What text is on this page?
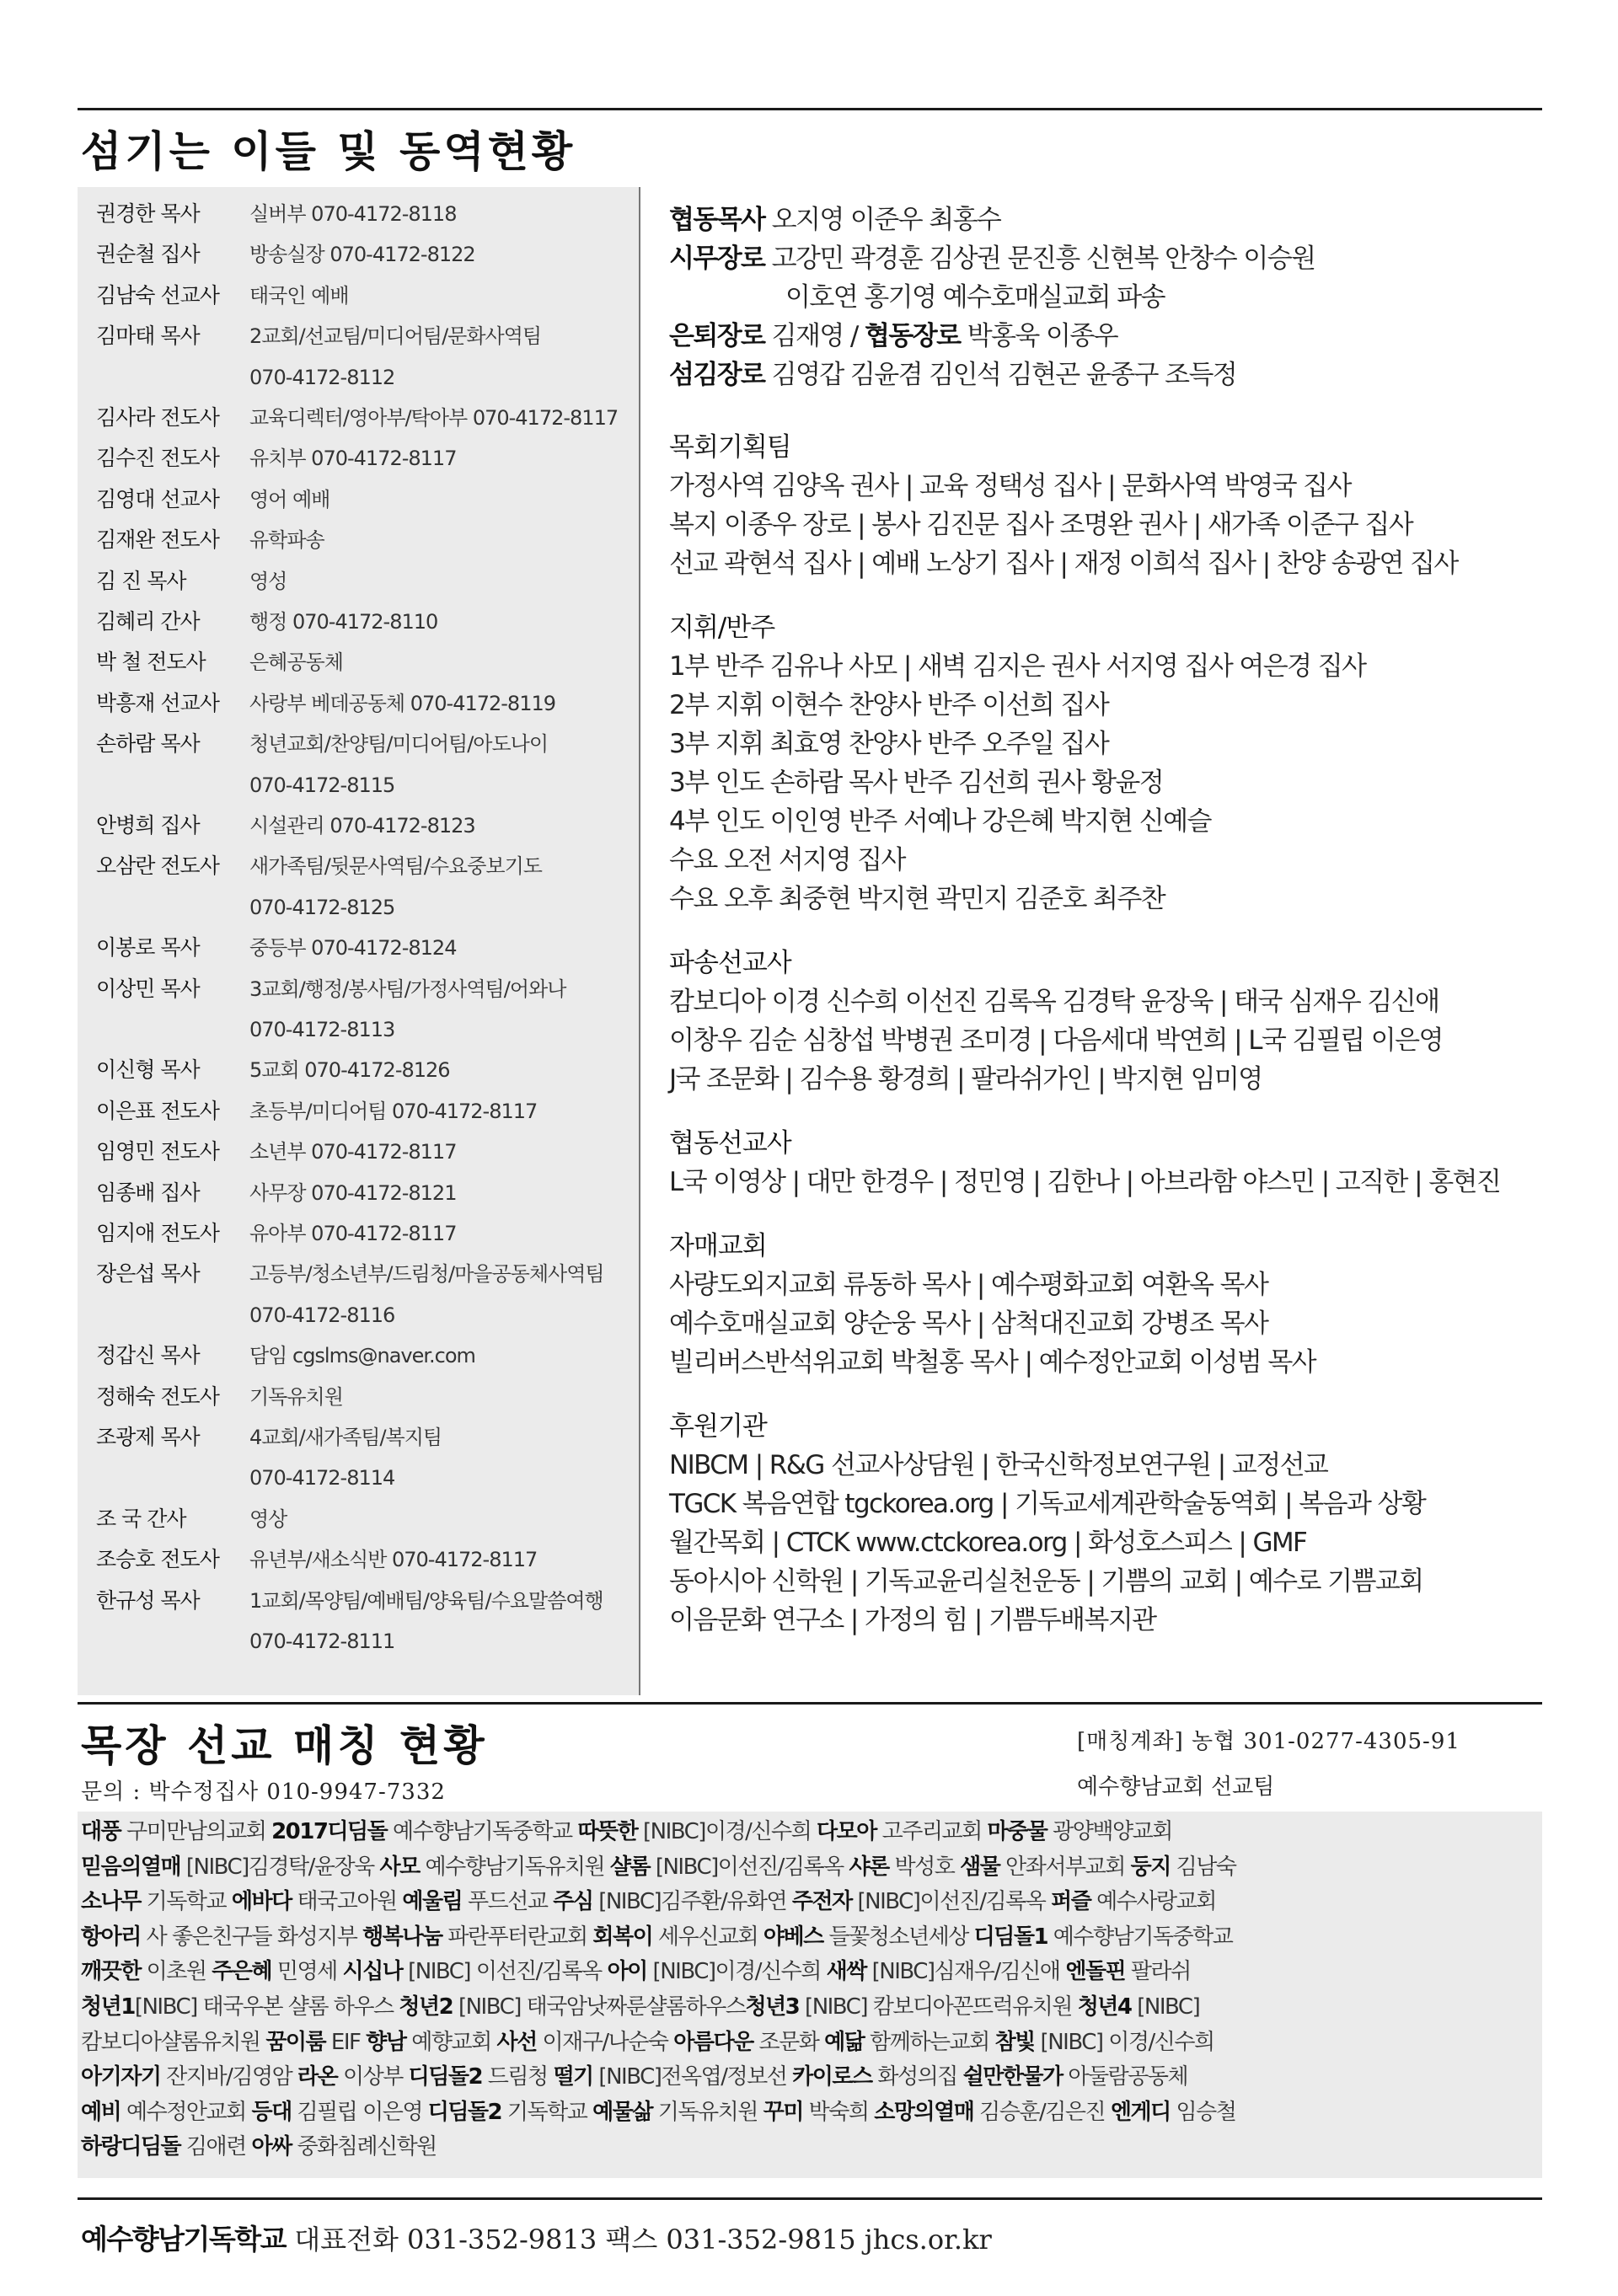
섬기는 이들 및 동역현황
권경한 목사	실버부 070-4172-8118
권순철 집사	방송실장 070-4172-8122
김남숙 선교사	태국인 예배
김마태 목사	2교회/선교팀/미디어팀/문화사역팀
070-4172-8112
김사라 전도사	교육디렉터/영아부/탁아부 070-4172-8117
김수진 전도사	유치부 070-4172-8117
김영대 선교사	영어 예배
김재완 전도사	유학파송
김 진 목사	영성
김혜리 간사	행정 070-4172-8110
박 철 전도사	은혜공동체
박흥재 선교사	사랑부 베데공동체 070-4172-8119
손하람 목사	청년교회/찬양팀/미디어팀/아도나이
070-4172-8115
안병희 집사	시설관리 070-4172-8123
오삼란 전도사	새가족팀/뒷문사역팀/수요중보기도
070-4172-8125
이봉로 목사	중등부 070-4172-8124
이상민 목사	3교회/행정/봉사팀/가정사역팀/어와나
070-4172-8113
이신형 목사	5교회 070-4172-8126
이은표 전도사	초등부/미디어팀 070-4172-8117
임영민 전도사	소년부 070-4172-8117
임종배 집사	사무장 070-4172-8121
임지애 전도사	유아부 070-4172-8117
장은섭 목사	고등부/청소년부/드림청/마을공동체사역팀
070-4172-8116
정갑신 목사	담임 cgslms@naver.com
정해숙 전도사	기독유치원
조광제 목사	4교회/새가족팀/복지팀
070-4172-8114
조 국 간사	영상
조승호 전도사	유년부/새소식반 070-4172-8117
한규성 목사	1교회/목양팀/예배팀/양육팀/수요말씀여행
070-4172-8111
협동목사 오지영 이준우 최홍수
시무장로 고강민 곽경훈 김상권 문진흥 신현복 안창수 이승원
이호연 홍기영 예수호매실교회 파송
은퇴장로 김재영 / 협동장로 박홍욱 이종우
섬김장로 김영갑 김윤겸 김인석 김현곤 윤종구 조득정
목회기획팀
가정사역 김양옥 권사 | 교육 정택성 집사 | 문화사역 박영국 집사
복지 이종우 장로 | 봉사 김진문 집사 조명완 권사 | 새가족 이준구 집사
선교 곽현석 집사 | 예배 노상기 집사 | 재정 이희석 집사 | 찬양 송광연 집사
지휘/반주
1부 반주 김유나 사모 | 새벽 김지은 권사 서지영 집사 여은경 집사
2부 지휘 이현수 찬양사 반주 이선희 집사
3부 지휘 최효영 찬양사 반주 오주일 집사
3부 인도 손하람 목사 반주 김선희 권사 황윤정
4부 인도 이인영 반주 서예나 강은혜 박지현 신예슬
수요 오전 서지영 집사
수요 오후 최중현 박지현 곽민지 김준호 최주찬
파송선교사
캄보디아 이경 신수희 이선진 김록옥 김경탁 윤장욱 | 태국 심재우 김신애
이창우 김순 심창섭 박병권 조미경 | 다음세대 박연희 | L국 김필립 이은영
J국 조문화 | 김수용 황경희 | 팔라쉬가인 | 박지현 임미영
협동선교사
L국 이영상 | 대만 한경우 | 정민영 | 김한나 | 아브라함 야스민 | 고직한 | 홍현진
자매교회
사량도외지교회 류동하 목사 | 예수평화교회 여환옥 목사
예수호매실교회 양순웅 목사 | 삼척대진교회 강병조 목사
빌리버스반석위교회 박철홍 목사 | 예수정안교회 이성범 목사
후원기관
NIBCM | R&G 선교사상담원 | 한국신학정보연구원 | 교정선교
TGCK 복음연합 tgckorea.org | 기독교세계관학술동역회 | 복음과 상황
월간목회 | CTCK www.ctckorea.org | 화성호스피스 | GMF
동아시아 신학원 | 기독교윤리실천운동 | 기쁨의 교회 | 예수로 기쁨교회
이음문화 연구소 | 가정의 힘 | 기쁨두배복지관
목장 선교 매칭 현황	[매칭계좌] 농협 301-0277-4305-91
예수향남교회 선교팀
문의 : 박수정집사 010-9947-7332
대풍 구미만남의교회 2017디딤돌 예수향남기독중학교 따뜻한 [NIBC]이경/신수희 다모아 고주리교회 마중물 광양백양교회
믿음의열매 [NIBC]김경탁/윤장욱 사모 예수향남기독유치원 샬롬 [NIBC]이선진/김록옥 샤론 박성호 샘물 안좌서부교회 둥지 김남숙
소나무 기독학교 에바다 태국고아원 예울림 푸드선교 주심 [NIBC]김주환/유화연 주전자 [NIBC]이선진/김록옥 퍼즐 예수사랑교회
항아리 사 좋은친구들 화성지부 행복나눔 파란푸터란교회 회복이 세우신교회 야베스 들꽃청소년세상 디딤돌1 예수향남기독중학교
깨끗한 이초원 주은혜 민영세 시십나 [NIBC] 이선진/김록옥 아이 [NIBC]이경/신수희 새싹 [NIBC]심재우/김신애 엔돌핀 팔라쉬
청년1[NIBC] 태국우본 샬롬 하우스 청년2 [NIBC] 태국암낫짜룬샬롬하우스청년3 [NIBC] 캄보디아꼰뜨럭유치원 청년4 [NIBC]
캄보디아샬롬유치원 꿈이룸 EIF 향남 예향교회 사선 이재구/나순숙 아름다운 조문화 예닮 함께하는교회 참빛 [NIBC] 이경/신수희
아기자기 잔지바/김영암 라온 이상부 디딤돌2 드림청 떨기 [NIBC]전옥엽/정보선 카이로스 화성의집 쉴만한물가 아둘람공동체
예비 예수정안교회 등대 김필립 이은영 디딤돌2 기독학교 예물삶 기독유치원 꾸미 박숙희 소망의열매 김승훈/김은진 엔게디 임승철
하랑디딤돌 김애련 아싸 중화침례신학원
예수향남기독학교 대표전화 031-352-9813 팩스 031-352-9815 jhcs.or.kr
